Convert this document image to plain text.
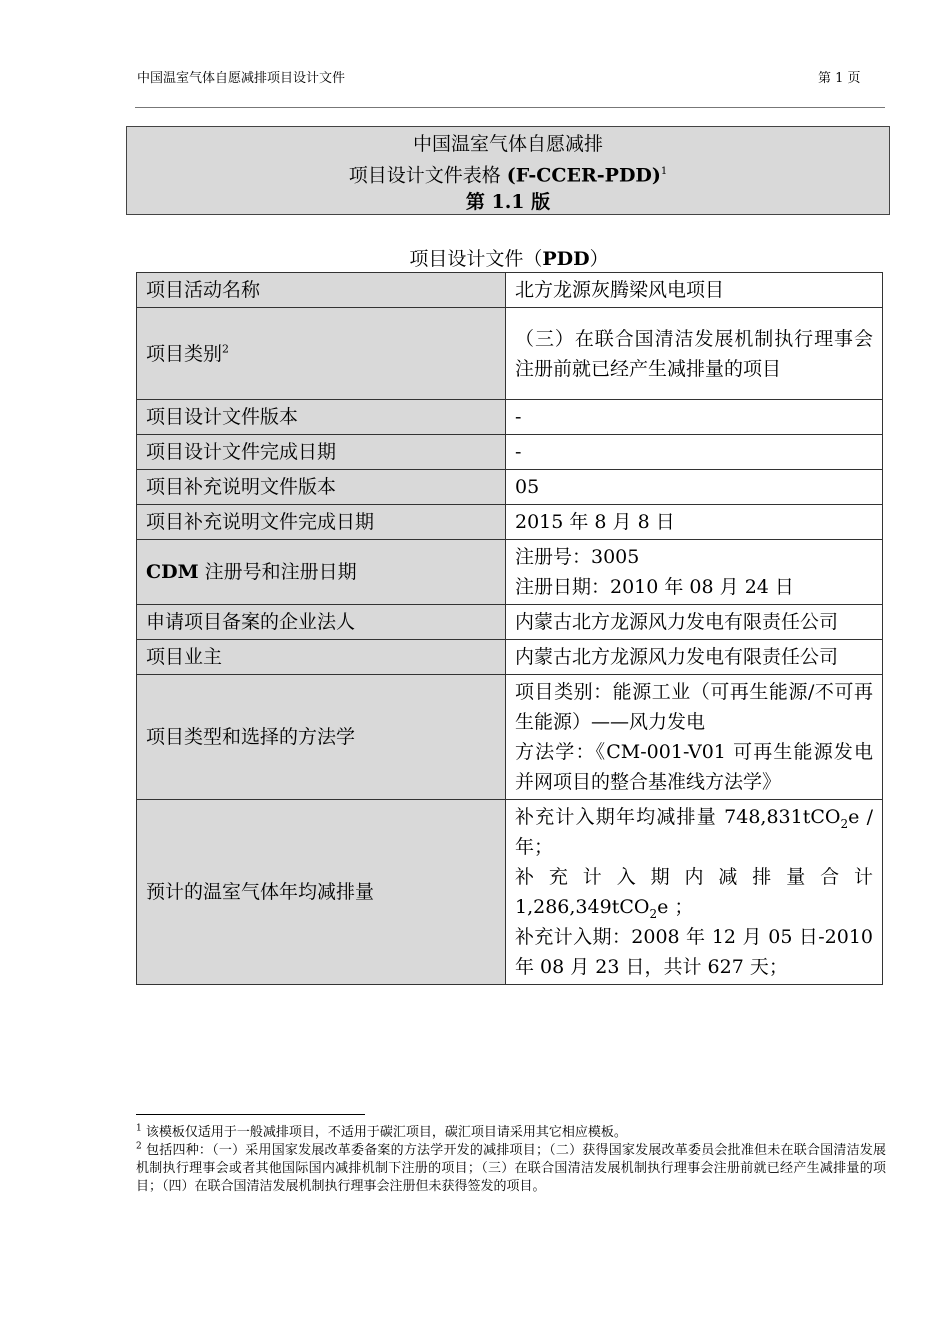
中国温室气体自愿减排项目设计文件	第 1 页
中国温室气体自愿减排
项目设计文件表格 (F-CCER-PDD)$^1$
第 1.1 版
项目设计文件（PDD）
项目活动名称	北方龙源灰腾梁风电项目
项目类别$^2$	（三）在联合国清洁发展机制执行理事会注册前就已经产生减排量的项目
项目设计文件版本	-
项目设计文件完成日期	-
项目补充说明文件版本	05
项目补充说明文件完成日期	2015 年 8 月 8 日
CDM 注册号和注册日期	注册号：3005
注册日期：2010 年 08 月 24 日

申请项目备案的企业法人	内蒙古北方龙源风力发电有限责任公司
项目业主	内蒙古北方龙源风力发电有限责任公司
项目类型和选择的方法学	项目类别：能源工业（可再生能源/不可再生能源）——风力发电
方法学：《CM-001-V01 可再生能源发电并网项目的整合基准线方法学》

预计的温室气体年均减排量	补充计入期年均减排量 748,831tCO$_2$e /年；
补充计入期内减排量合计 1,286,349tCO$_2$e ；
补充计入期：2008 年 12 月 05 日-2010 年 08 月 23 日，共计 627 天；

$^1$ 该模板仅适用于一般减排项目，不适用于碳汇项目，碳汇项目请采用其它相应模板。

$^2$ 包括四种：（一）采用国家发展改革委备案的方法学开发的减排项目；（二）获得国家发展改革委员会批准但未在联合国清洁发展机制执行理事会或者其他国际国内减排机制下注册的项目；（三）在联合国清洁发展机制执行理事会注册前就已经产生减排量的项目；（四）在联合国清洁发展机制执行理事会注册但未获得签发的项目。
